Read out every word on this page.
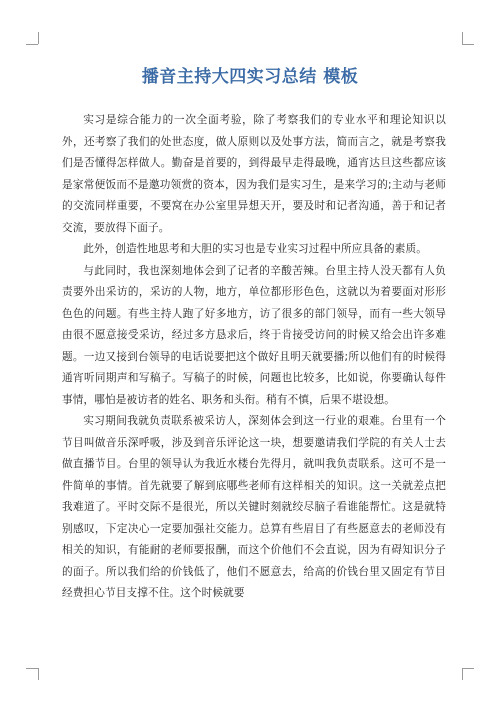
播音主持大四实习总结 模板

实习是综合能力的一次全面考验，除了考察我们的专业水平和理论知识以外，还考察了我们的处世态度，做人原则以及处事方法，简而言之，就是考察我们是否懂得怎样做人。勤奋是首要的，到得最早走得最晚，通宵达旦这些都应该是家常便饭而不是邀功领赏的资本，因为我们是实习生，是来学习的;主动与老师的交流同样重要，不要窝在办公室里异想天开，要及时和记者沟通，善于和记者交流，要放得下面子。

此外，创造性地思考和大胆的实习也是专业实习过程中所应具备的素质。

与此同时，我也深刻地体会到了记者的辛酸苦辣。台里主持人没天都有人负责要外出采访的，采访的人物，地方，单位都形形色色，这就以为着要面对形形色色的问题。有些主持人跑了好多地方，访了很多的部门领导，而有一些大领导由很不愿意接受采访，经过多方恳求后，终于肯接受访问的时候又给会出许多难题。一边又接到台领导的电话说要把这个做好且明天就要播;所以他们有的时候得通宵听同期声和写稿子。写稿子的时候，问题也比较多，比如说，你要确认每件事情，哪怕是被访者的姓名、职务和头衔。稍有不慎，后果不堪设想。

实习期间我就负责联系被采访人，深刻体会到这一行业的艰难。台里有一个节目叫做音乐深呼吸，涉及到音乐评论这一块，想要邀请我们学院的有关人士去做直播节目。台里的领导认为我近水楼台先得月，就叫我负责联系。这可不是一件简单的事情。首先就要了解到底哪些老师有这样相关的知识。这一关就差点把我难道了。平时交际不是很光，所以关键时刻就绞尽脑子看谁能帮忙。这是就特别感叹，下定决心一定要加强社交能力。总算有些眉目了有些愿意去的老师没有相关的知识，有能耐的老师要报酬，而这个价他们不会直说，因为有碍知识分子的面子。所以我们给的价钱低了，他们不愿意去，给高的价钱台里又固定有节目经费担心节目支撑不住。这个时候就要
